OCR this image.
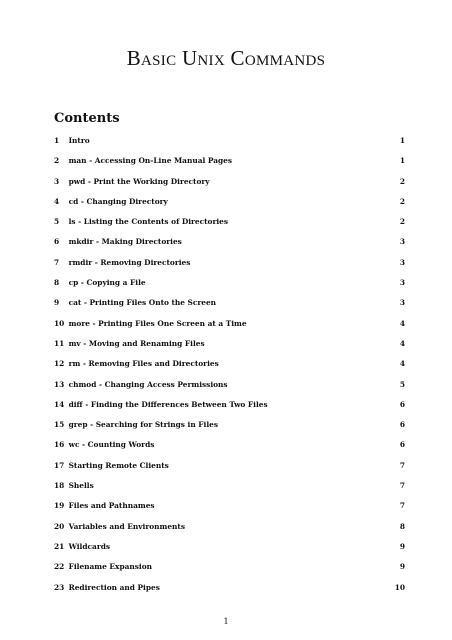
Basic Unix Commands
Contents
1 Intro	1
2 man - Accessing On-Line Manual Pages	1
3 pwd - Print the Working Directory	2
4 cd - Changing Directory	2
5 ls - Listing the Contents of Directories	2
6 mkdir - Making Directories	3
7 rmdir - Removing Directories	3
8 cp - Copying a File	3
9 cat - Printing Files Onto the Screen	3
10 more - Printing Files One Screen at a Time	4
11 mv - Moving and Renaming Files	4
12 rm - Removing Files and Directories	4
13 chmod - Changing Access Permissions	5
14 diff - Finding the Differences Between Two Files	6
15 grep - Searching for Strings in Files	6
16 wc - Counting Words	6
17 Starting Remote Clients	7
18 Shells	7
19 Files and Pathnames	7
20 Variables and Environments	8
21 Wildcards	9
22 Filename Expansion	9
23 Redirection and Pipes	10
1
